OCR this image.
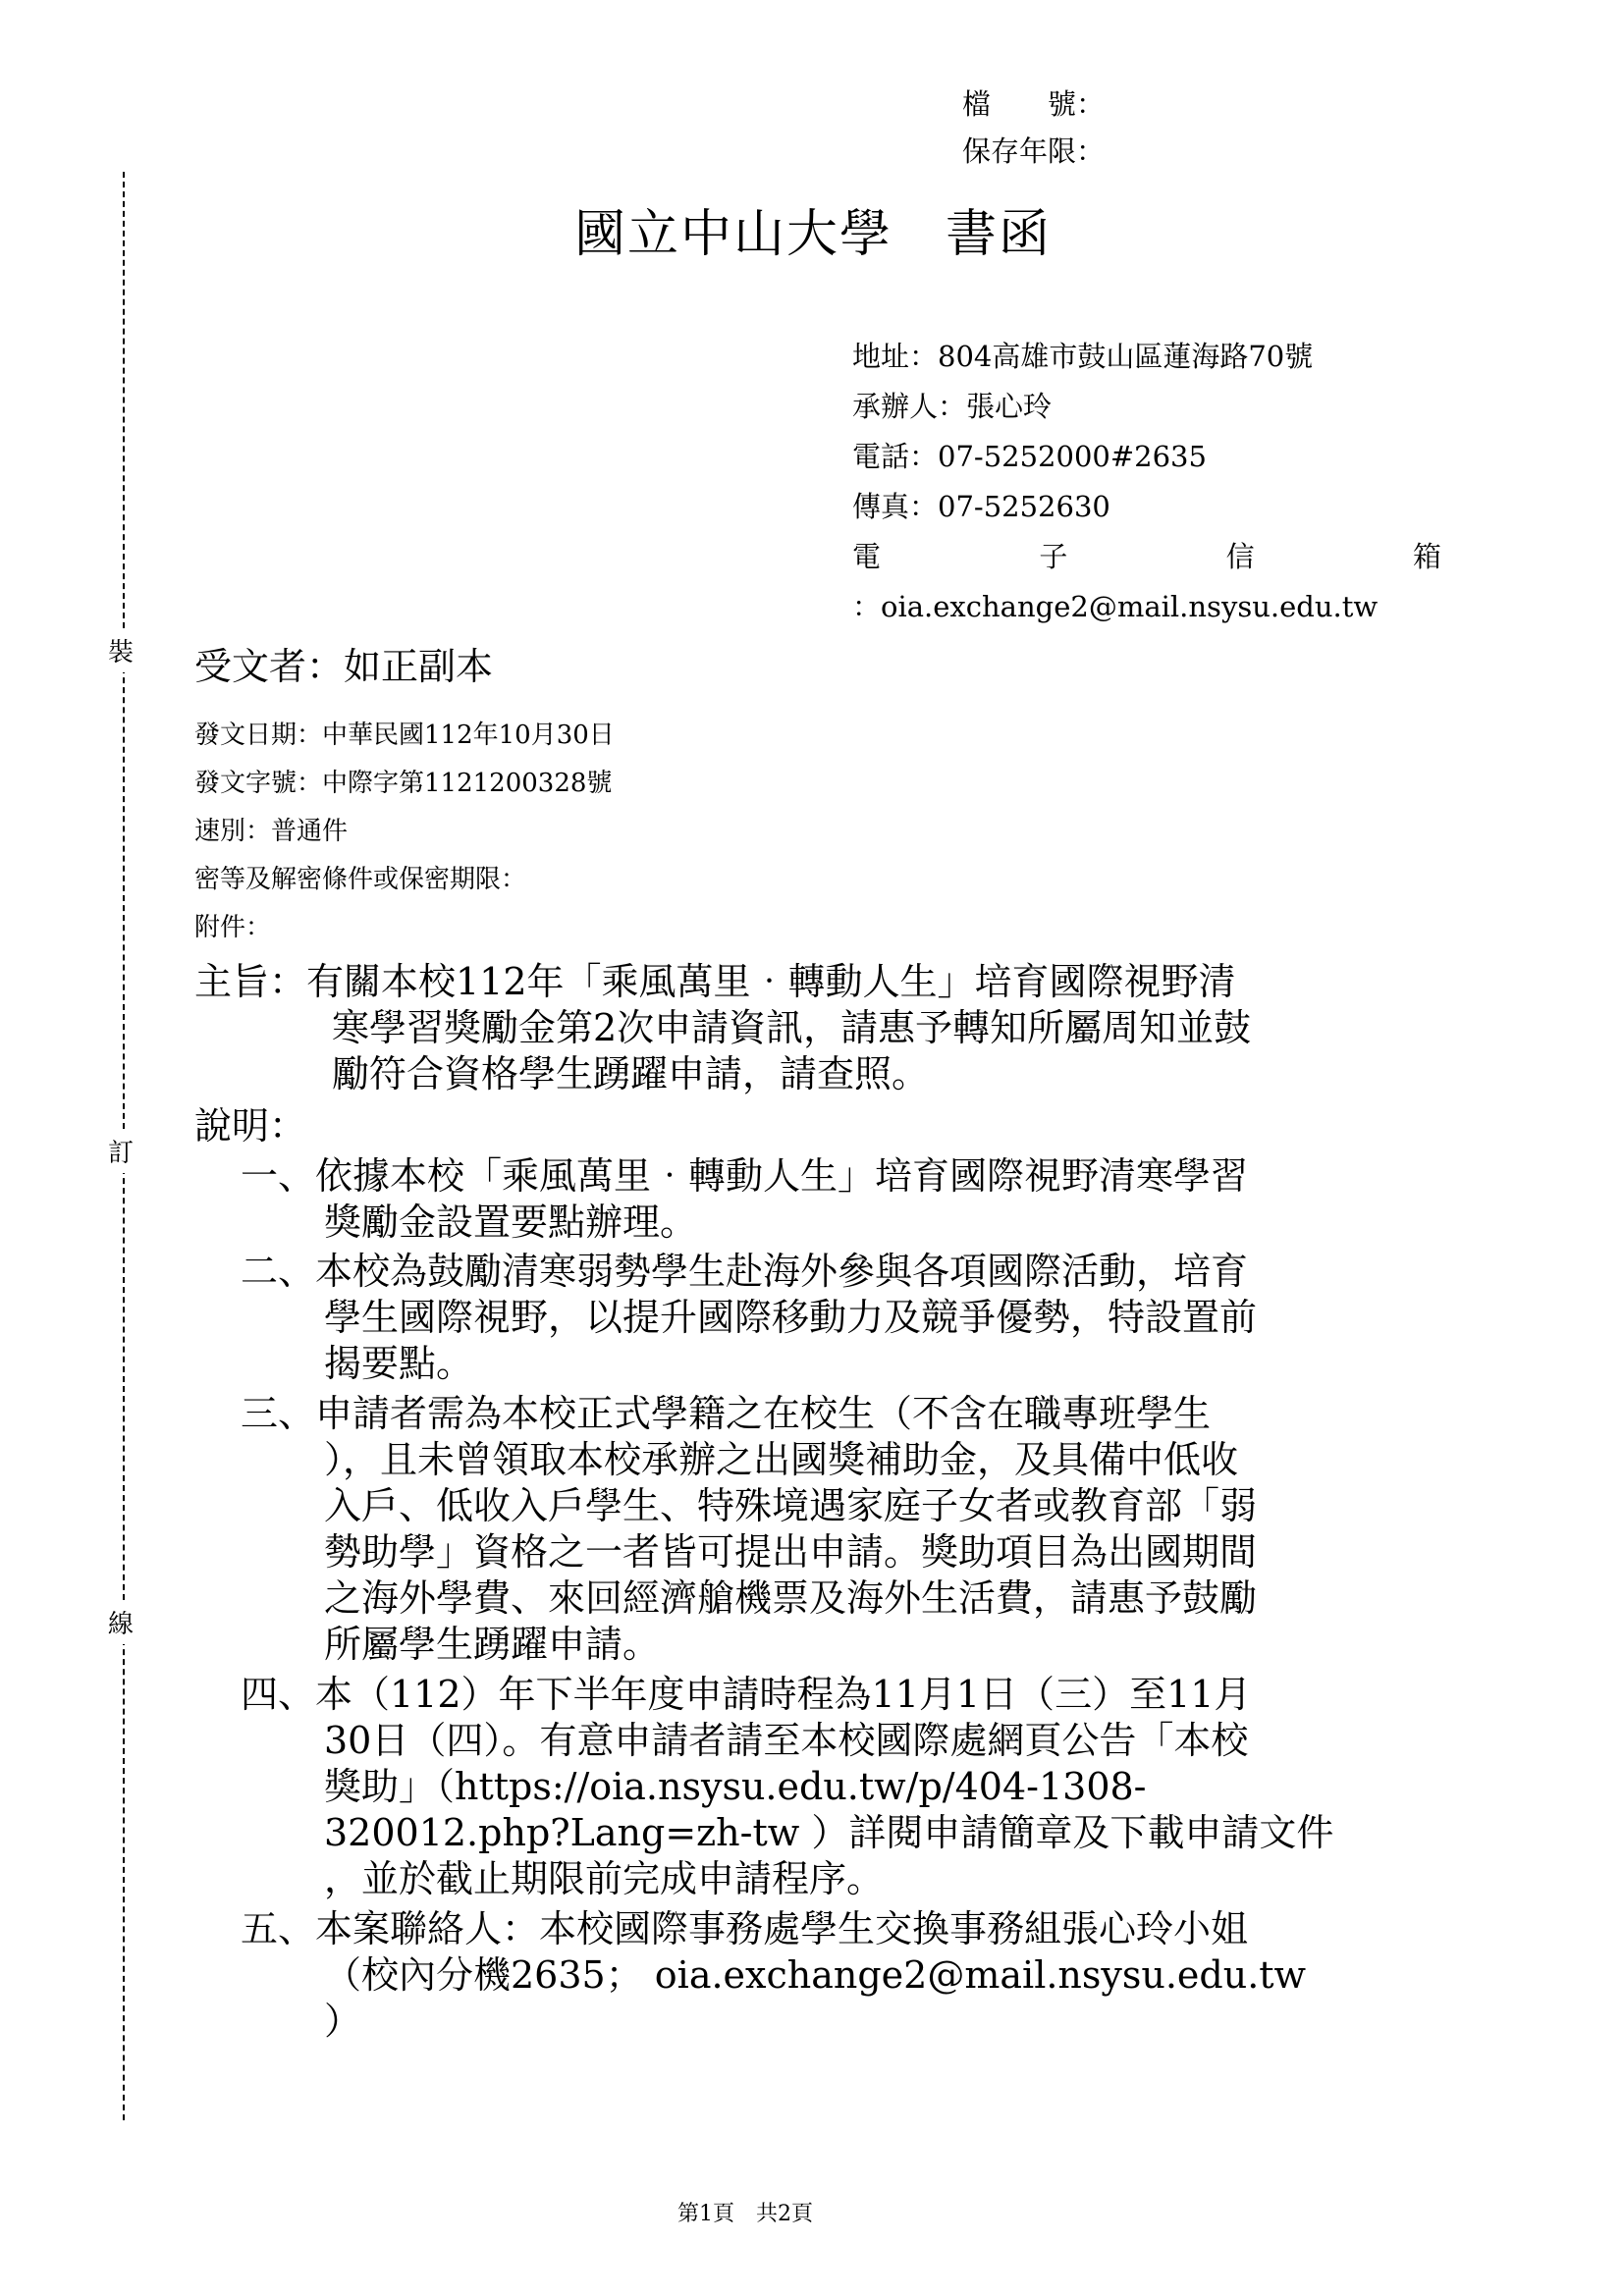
檔　　號：
保存年限：
裝
訂
線
國立中山大學　書函
地址：804高雄市鼓山區蓮海路70號
承辦人：張心玲
電話：07-5252000#2635
傳真：07-5252630
電	子	信	箱
：oia.exchange2@mail.nsysu.edu.tw
受文者：如正副本
發文日期：中華民國112年10月30日
發文字號：中際字第1121200328號
速別：普通件
密等及解密條件或保密期限：
附件：
主旨：有關本校112年「乘風萬里‧轉動人生」培育國際視野清
寒學習獎勵金第2次申請資訊，請惠予轉知所屬周知並鼓
勵符合資格學生踴躍申請，請查照。
說明：
一、依據本校「乘風萬里‧轉動人生」培育國際視野清寒學習
獎勵金設置要點辦理。
二、本校為鼓勵清寒弱勢學生赴海外參與各項國際活動，培育
學生國際視野，以提升國際移動力及競爭優勢，特設置前
揭要點。
三、申請者需為本校正式學籍之在校生（不含在職專班學生
），且未曾領取本校承辦之出國獎補助金，及具備中低收
入戶、低收入戶學生、特殊境遇家庭子女者或教育部「弱
勢助學」資格之一者皆可提出申請。獎助項目為出國期間
之海外學費、來回經濟艙機票及海外生活費，請惠予鼓勵
所屬學生踴躍申請。
四、本（112）年下半年度申請時程為11月1日（三）至11月
30日（四）。有意申請者請至本校國際處網頁公告「本校
獎助」（https://oia.nsysu.edu.tw/p/404-1308-
320012.php?Lang=zh-tw ）詳閱申請簡章及下載申請文件
，並於截止期限前完成申請程序。
五、本案聯絡人：本校國際事務處學生交換事務組張心玲小姐
（校內分機2635； oia.exchange2@mail.nsysu.edu.tw
）
第1頁　共2頁
